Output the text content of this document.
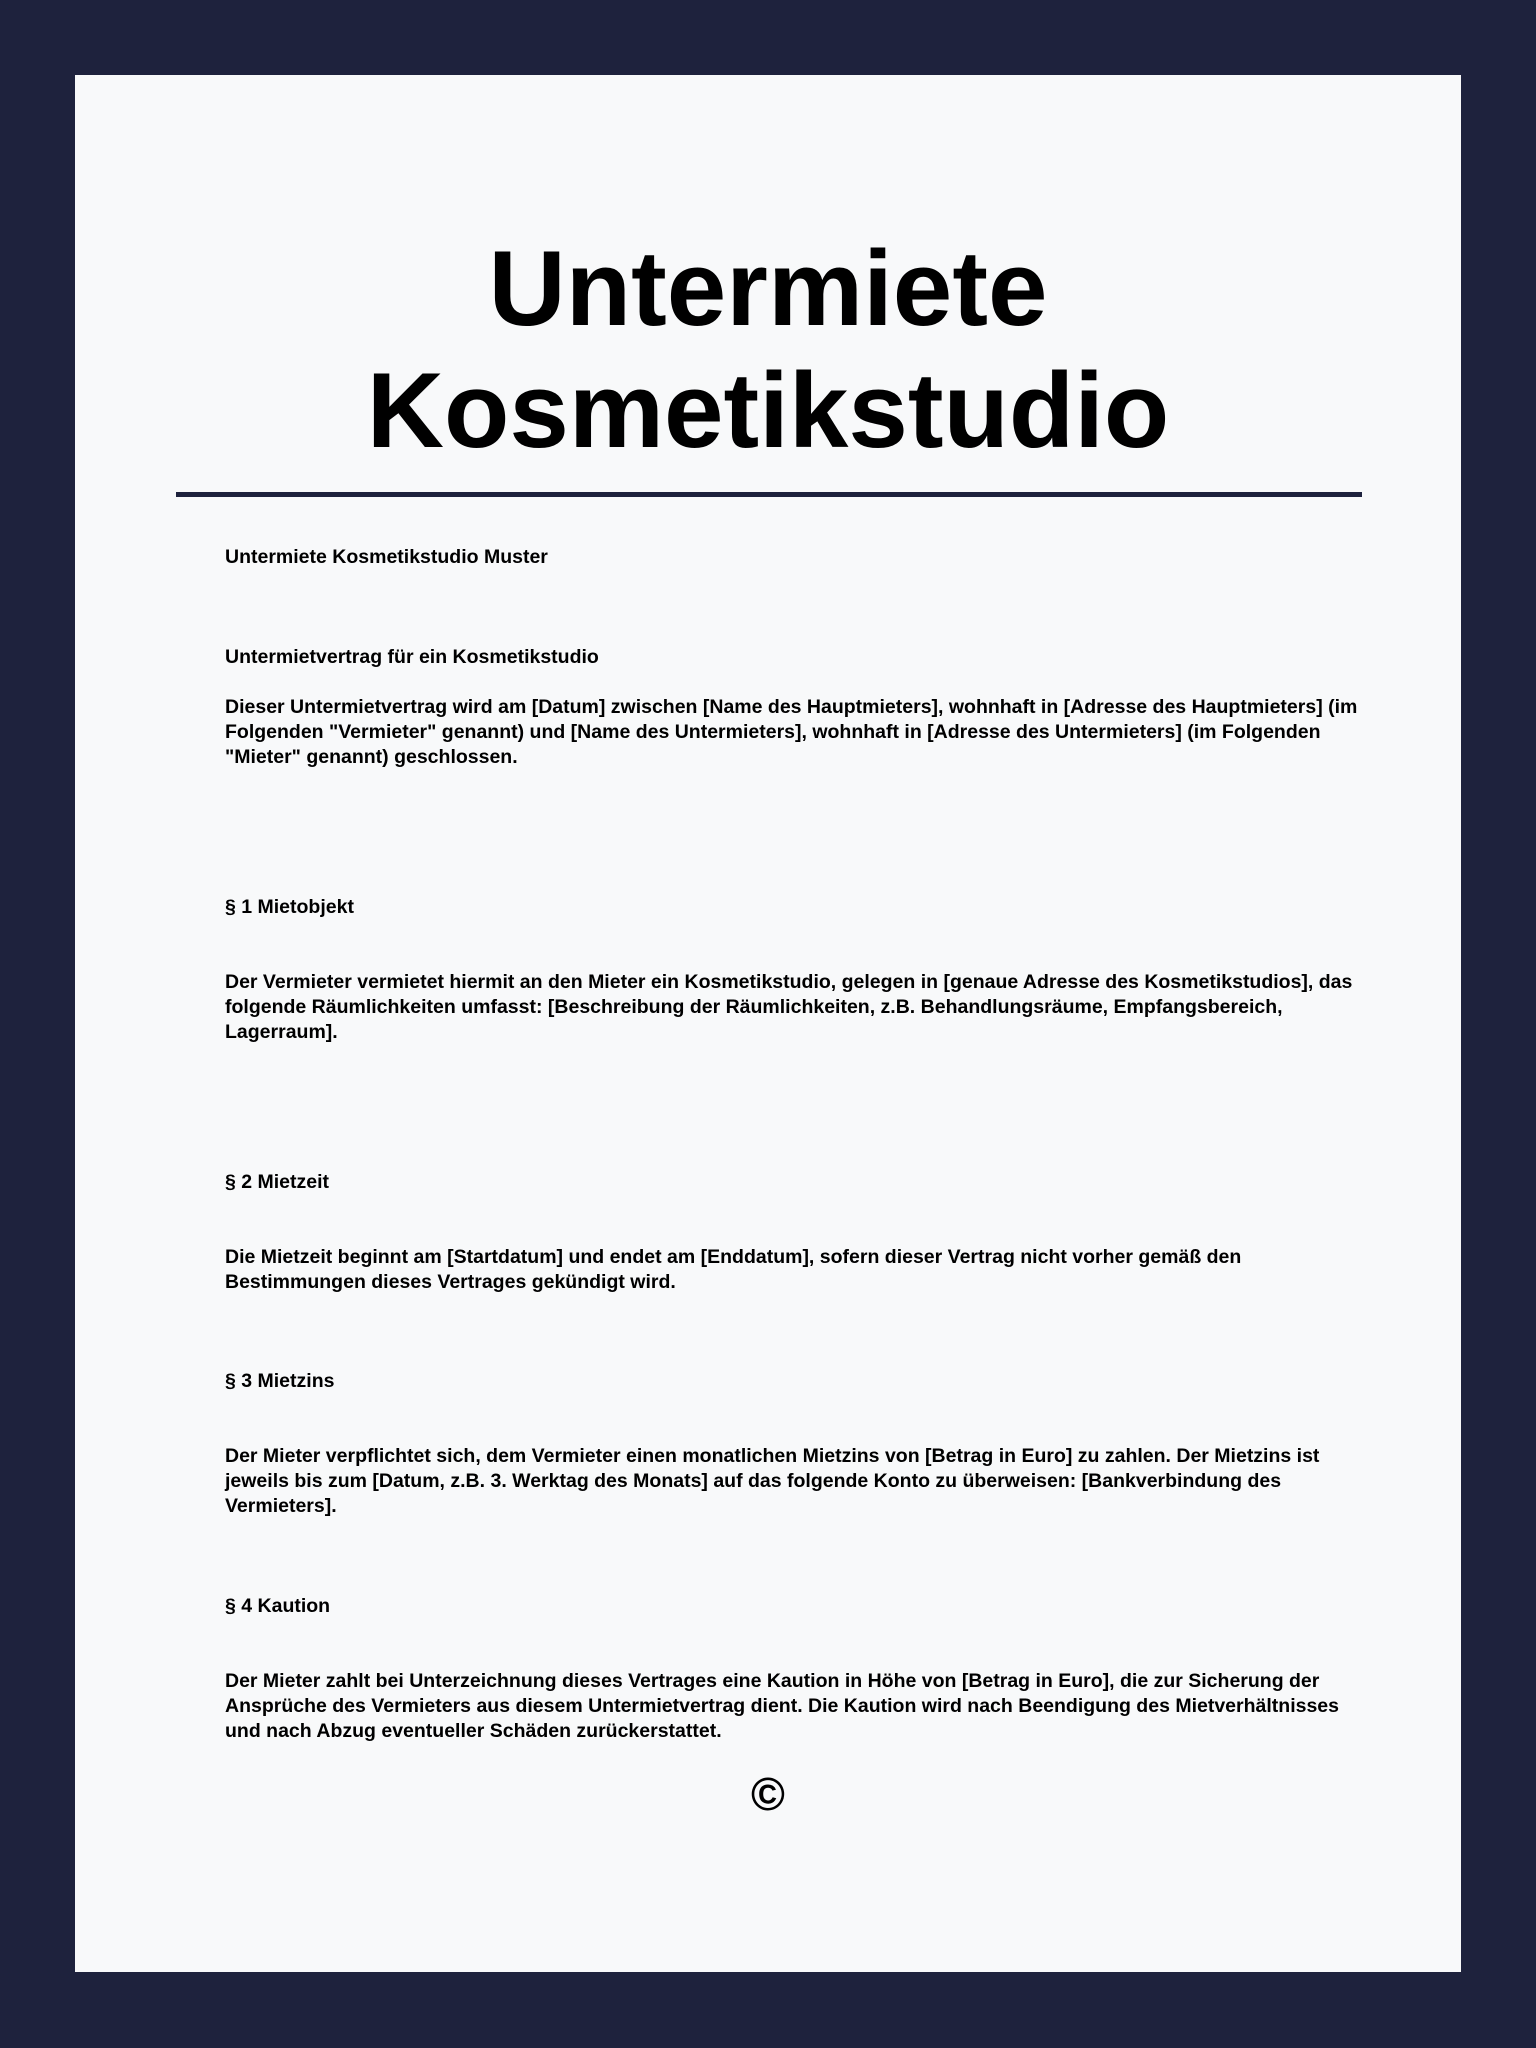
Untermiete
Kosmetikstudio

Untermiete Kosmetikstudio Muster

Untermietvertrag für ein Kosmetikstudio

Dieser Untermietvertrag wird am [Datum] zwischen [Name des Hauptmieters], wohnhaft in [Adresse des Hauptmieters] (im Folgenden "Vermieter" genannt) und [Name des Untermieters], wohnhaft in [Adresse des Untermieters] (im Folgenden "Mieter" genannt) geschlossen.

§ 1 Mietobjekt

Der Vermieter vermietet hiermit an den Mieter ein Kosmetikstudio, gelegen in [genaue Adresse des Kosmetikstudios], das folgende Räumlichkeiten umfasst: [Beschreibung der Räumlichkeiten, z.B. Behandlungsräume, Empfangsbereich, Lagerraum].

§ 2 Mietzeit

Die Mietzeit beginnt am [Startdatum] und endet am [Enddatum], sofern dieser Vertrag nicht vorher gemäß den Bestimmungen dieses Vertrages gekündigt wird.

§ 3 Mietzins

Der Mieter verpflichtet sich, dem Vermieter einen monatlichen Mietzins von [Betrag in Euro] zu zahlen. Der Mietzins ist jeweils bis zum [Datum, z.B. 3. Werktag des Monats] auf das folgende Konto zu überweisen: [Bankverbindung des Vermieters].

§ 4 Kaution

Der Mieter zahlt bei Unterzeichnung dieses Vertrages eine Kaution in Höhe von [Betrag in Euro], die zur Sicherung der Ansprüche des Vermieters aus diesem Untermietvertrag dient. Die Kaution wird nach Beendigung des Mietverhältnisses und nach Abzug eventueller Schäden zurückerstattet.

©
